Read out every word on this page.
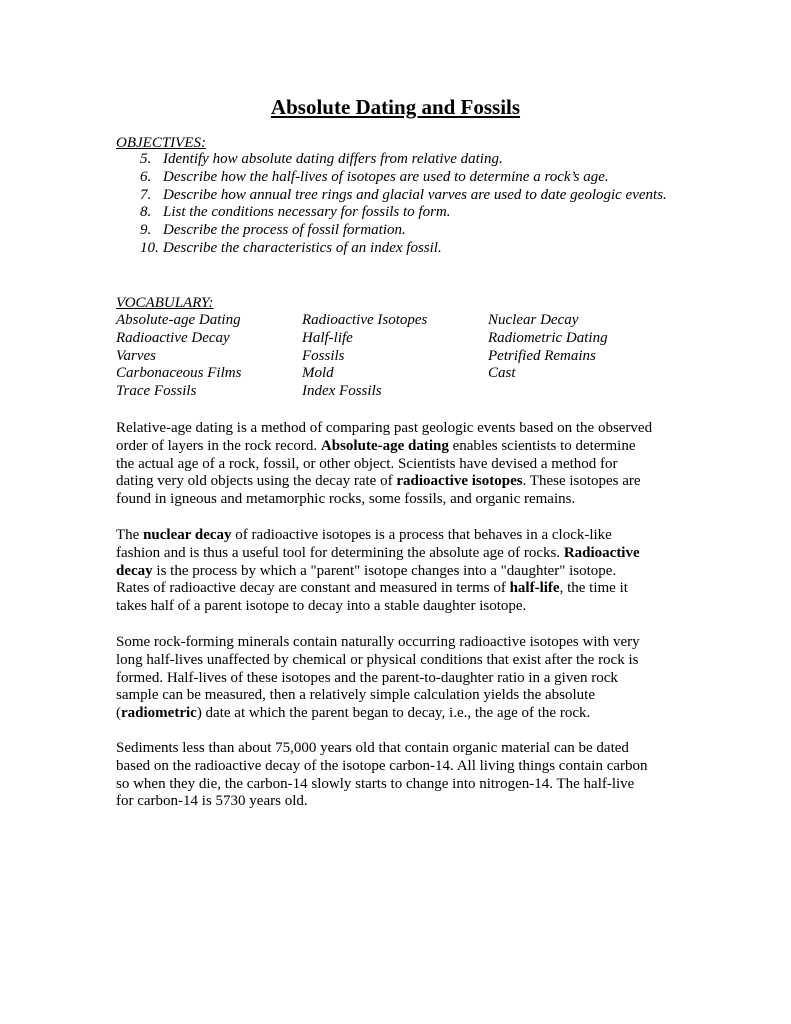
Absolute Dating and Fossils
OBJECTIVES:
5. Identify how absolute dating differs from relative dating.
6. Describe how the half-lives of isotopes are used to determine a rock’s age.
7. Describe how annual tree rings and glacial varves are used to date geologic events.
8. List the conditions necessary for fossils to form.
9. Describe the process of fossil formation.
10. Describe the characteristics of an index fossil.
VOCABULARY:
Absolute-age Dating	Radioactive Isotopes	Nuclear Decay
Radioactive Decay	Half-life	Radiometric Dating
Varves	Fossils	Petrified Remains
Carbonaceous Films	Mold	Cast
Trace Fossils	Index Fossils
Relative-age dating is a method of comparing past geologic events based on the observed
order of layers in the rock record. Absolute-age dating enables scientists to determine
the actual age of a rock, fossil, or other object. Scientists have devised a method for
dating very old objects using the decay rate of radioactive isotopes. These isotopes are
found in igneous and metamorphic rocks, some fossils, and organic remains.
The nuclear decay of radioactive isotopes is a process that behaves in a clock-like
fashion and is thus a useful tool for determining the absolute age of rocks. Radioactive
decay is the process by which a "parent" isotope changes into a "daughter" isotope.
Rates of radioactive decay are constant and measured in terms of half-life, the time it
takes half of a parent isotope to decay into a stable daughter isotope.
Some rock-forming minerals contain naturally occurring radioactive isotopes with very
long half-lives unaffected by chemical or physical conditions that exist after the rock is
formed. Half-lives of these isotopes and the parent-to-daughter ratio in a given rock
sample can be measured, then a relatively simple calculation yields the absolute
(radiometric) date at which the parent began to decay, i.e., the age of the rock.
Sediments less than about 75,000 years old that contain organic material can be dated
based on the radioactive decay of the isotope carbon-14. All living things contain carbon
so when they die, the carbon-14 slowly starts to change into nitrogen-14. The half-live
for carbon-14 is 5730 years old.
